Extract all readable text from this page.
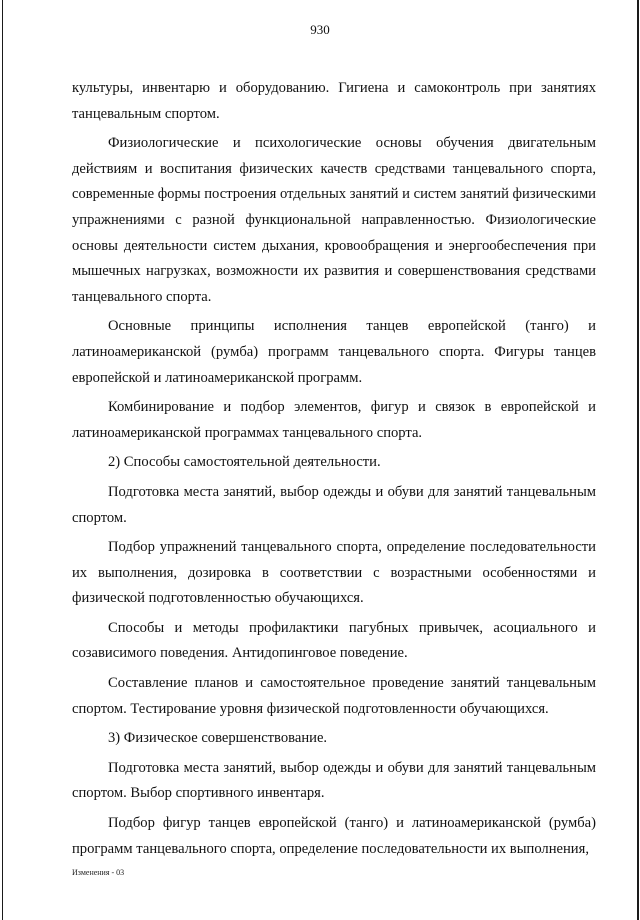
930

культуры, инвентарю и оборудованию. Гигиена и самоконтроль при занятиях танцевальным спортом.

Физиологические и психологические основы обучения двигательным действиям и воспитания физических качеств средствами танцевального спорта, современные формы построения отдельных занятий и систем занятий физическими упражнениями с разной функциональной направленностью. Физиологические основы деятельности систем дыхания, кровообращения и энергообеспечения при мышечных нагрузках, возможности их развития и совершенствования средствами танцевального спорта.

Основные принципы исполнения танцев европейской (танго) и латиноамериканской (румба) программ танцевального спорта. Фигуры танцев европейской и латиноамериканской программ.

Комбинирование и подбор элементов, фигур и связок в европейской и латиноамериканской программах танцевального спорта.

2) Способы самостоятельной деятельности.

Подготовка места занятий, выбор одежды и обуви для занятий танцевальным спортом.

Подбор упражнений танцевального спорта, определение последовательности их выполнения, дозировка в соответствии с возрастными особенностями и физической подготовленностью обучающихся.

Способы и методы профилактики пагубных привычек, асоциального и созависимого поведения. Антидопинговое поведение.

Составление планов и самостоятельное проведение занятий танцевальным спортом. Тестирование уровня физической подготовленности обучающихся.

3) Физическое совершенствование.

Подготовка места занятий, выбор одежды и обуви для занятий танцевальным спортом. Выбор спортивного инвентаря.

Подбор фигур танцев европейской (танго) и латиноамериканской (румба) программ танцевального спорта, определение последовательности их выполнения,

Изменения - 03
